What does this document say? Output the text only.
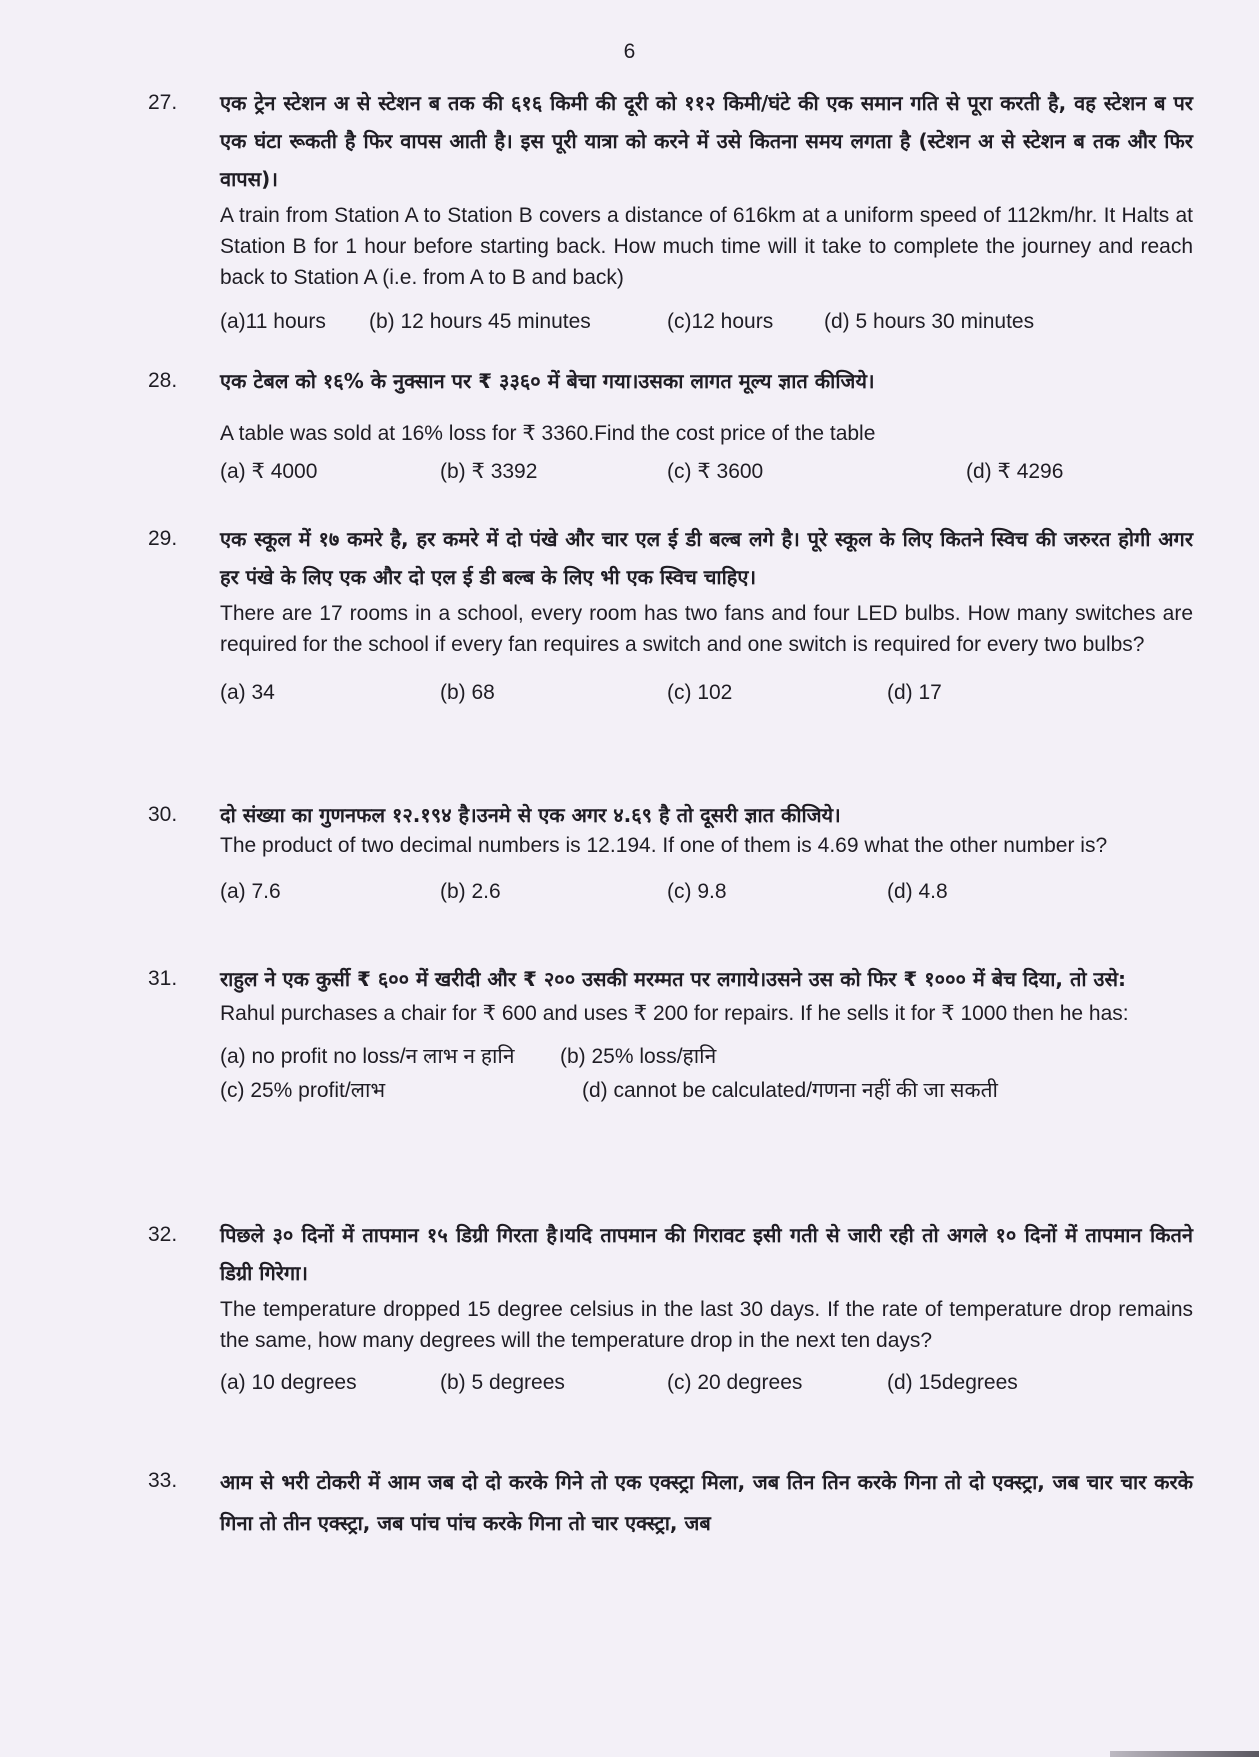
6
27. एक ट्रेन स्टेशन अ से स्टेशन ब तक की ६१६ किमी की दूरी को ११२ किमी/घंटे की एक समान गति से पूरा करती है, वह स्टेशन ब पर एक घंटा रूकती है फिर वापस आती है। इस पूरी यात्रा को करने में उसे कितना समय लगता है (स्टेशन अ से स्टेशन ब तक और फिर वापस)।
A train from Station A to Station B covers a distance of 616km at a uniform speed of 112km/hr. It Halts at Station B for 1 hour before starting back. How much time will it take to complete the journey and reach back to Station A (i.e. from A to B and back)
(a)11 hours (b) 12 hours 45 minutes	(c)12 hours (d) 5 hours 30 minutes
28. एक टेबल को १६% के नुक्सान पर ₹ ३३६० में बेचा गया।उसका लागत मूल्य ज्ञात कीजिये।
A table was sold at 16% loss for ₹ 3360.Find the cost price of the table
(a) ₹ 4000	(b) ₹ 3392	(c) ₹ 3600	(d) ₹ 4296
29. एक स्कूल में १७ कमरे है, हर कमरे में दो पंखे और चार एल ई डी बल्ब लगे है। पूरे स्कूल के लिए कितने स्विच की जरुरत होगी अगर हर पंखे के लिए एक और दो एल ई डी बल्ब के लिए भी एक स्विच चाहिए।
There are 17 rooms in a school, every room has two fans and four LED bulbs. How many switches are required for the school if every fan requires a switch and one switch is required for every two bulbs?
(a) 34	(b) 68	(c) 102	(d) 17
30. दो संख्या का गुणनफल १२.१९४ है।उनमे से एक अगर ४.६९ है तो दूसरी ज्ञात कीजिये।
The product of two decimal numbers is 12.194. If one of them is 4.69 what the other number is?
(a) 7.6	(b) 2.6	(c) 9.8	(d) 4.8
31. राहुल ने एक कुर्सी ₹ ६०० में खरीदी और ₹ २०० उसकी मरम्मत पर लगाये।उसने उस को फिर ₹ १००० में बेच दिया, तो उसे:
Rahul purchases a chair for ₹ 600 and uses ₹ 200 for repairs. If he sells it for ₹ 1000 then he has:
(a) no profit no loss/न लाभ न हानि (b) 25% loss/हानि
(c) 25% profit/लाभ	(d) cannot be calculated/गणना नहीं की जा सकती
32. पिछले ३० दिनों में तापमान १५ डिग्री गिरता है।यदि तापमान की गिरावट इसी गती से जारी रही तो अगले १० दिनों में तापमान कितने डिग्री गिरेगा।
The temperature dropped 15 degree celsius in the last 30 days. If the rate of temperature drop remains the same, how many degrees will the temperature drop in the next ten days?
(a) 10 degrees	(b) 5 degrees	(c) 20 degrees	(d) 15degrees
33. आम से भरी टोकरी में आम जब दो दो करके गिने तो एक एक्स्ट्रा मिला, जब तिन तिन करके गिना तो दो एक्स्ट्रा, जब चार चार करके गिना तो तीन एक्स्ट्रा, जब पांच पांच करके गिना तो चार एक्स्ट्रा, जब
